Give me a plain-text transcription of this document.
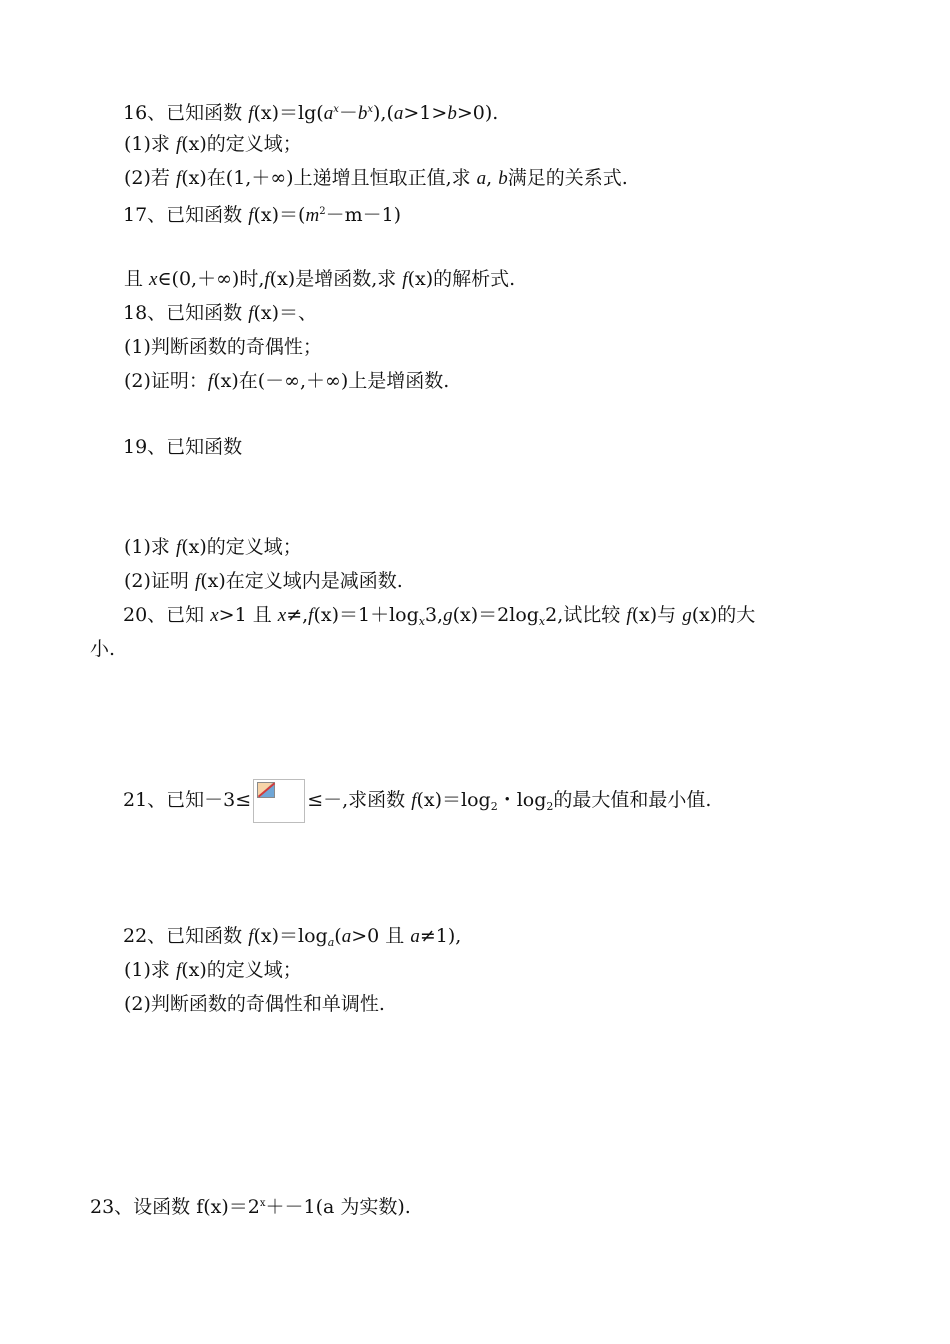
16、已知函数 $f(x)=\lg(a^x-b^x),(a>1>b>0)$.
(1)求 f(x)的定义域；
(2)若 f(x)在(1,＋∞)上递增且恒取正值,求 a, b满足的关系式.
17、已知函数 $f(x)=(m^2-m-1)$
且 x∈(0,＋∞)时,f(x)是增函数,求 f(x)的解析式.
18、已知函数 f(x)＝、
(1)判断函数的奇偶性；
(2)证明：f(x)在(－∞,＋∞)上是增函数.
19、已知函数
(1)求 f(x)的定义域；
(2)证明 f(x)在定义域内是减函数.
20、已知 x>1 且 $x\ne,f(x)=1+\log_x3,g(x)=2\log_x2$,试比较 f(x)与 g(x)的大
小.
21、已知－3≤	≤－,求函数 $f(x)=\log_2$・$\log_2$的最大值和最小值.
22、已知函数 $f(x)=\log_a(a>0$ 且 a≠1),
(1)求 f(x)的定义域；
(2)判断函数的奇偶性和单调性.
23、设函数 $f(x)=2^x+-1(a$ 为实数).
